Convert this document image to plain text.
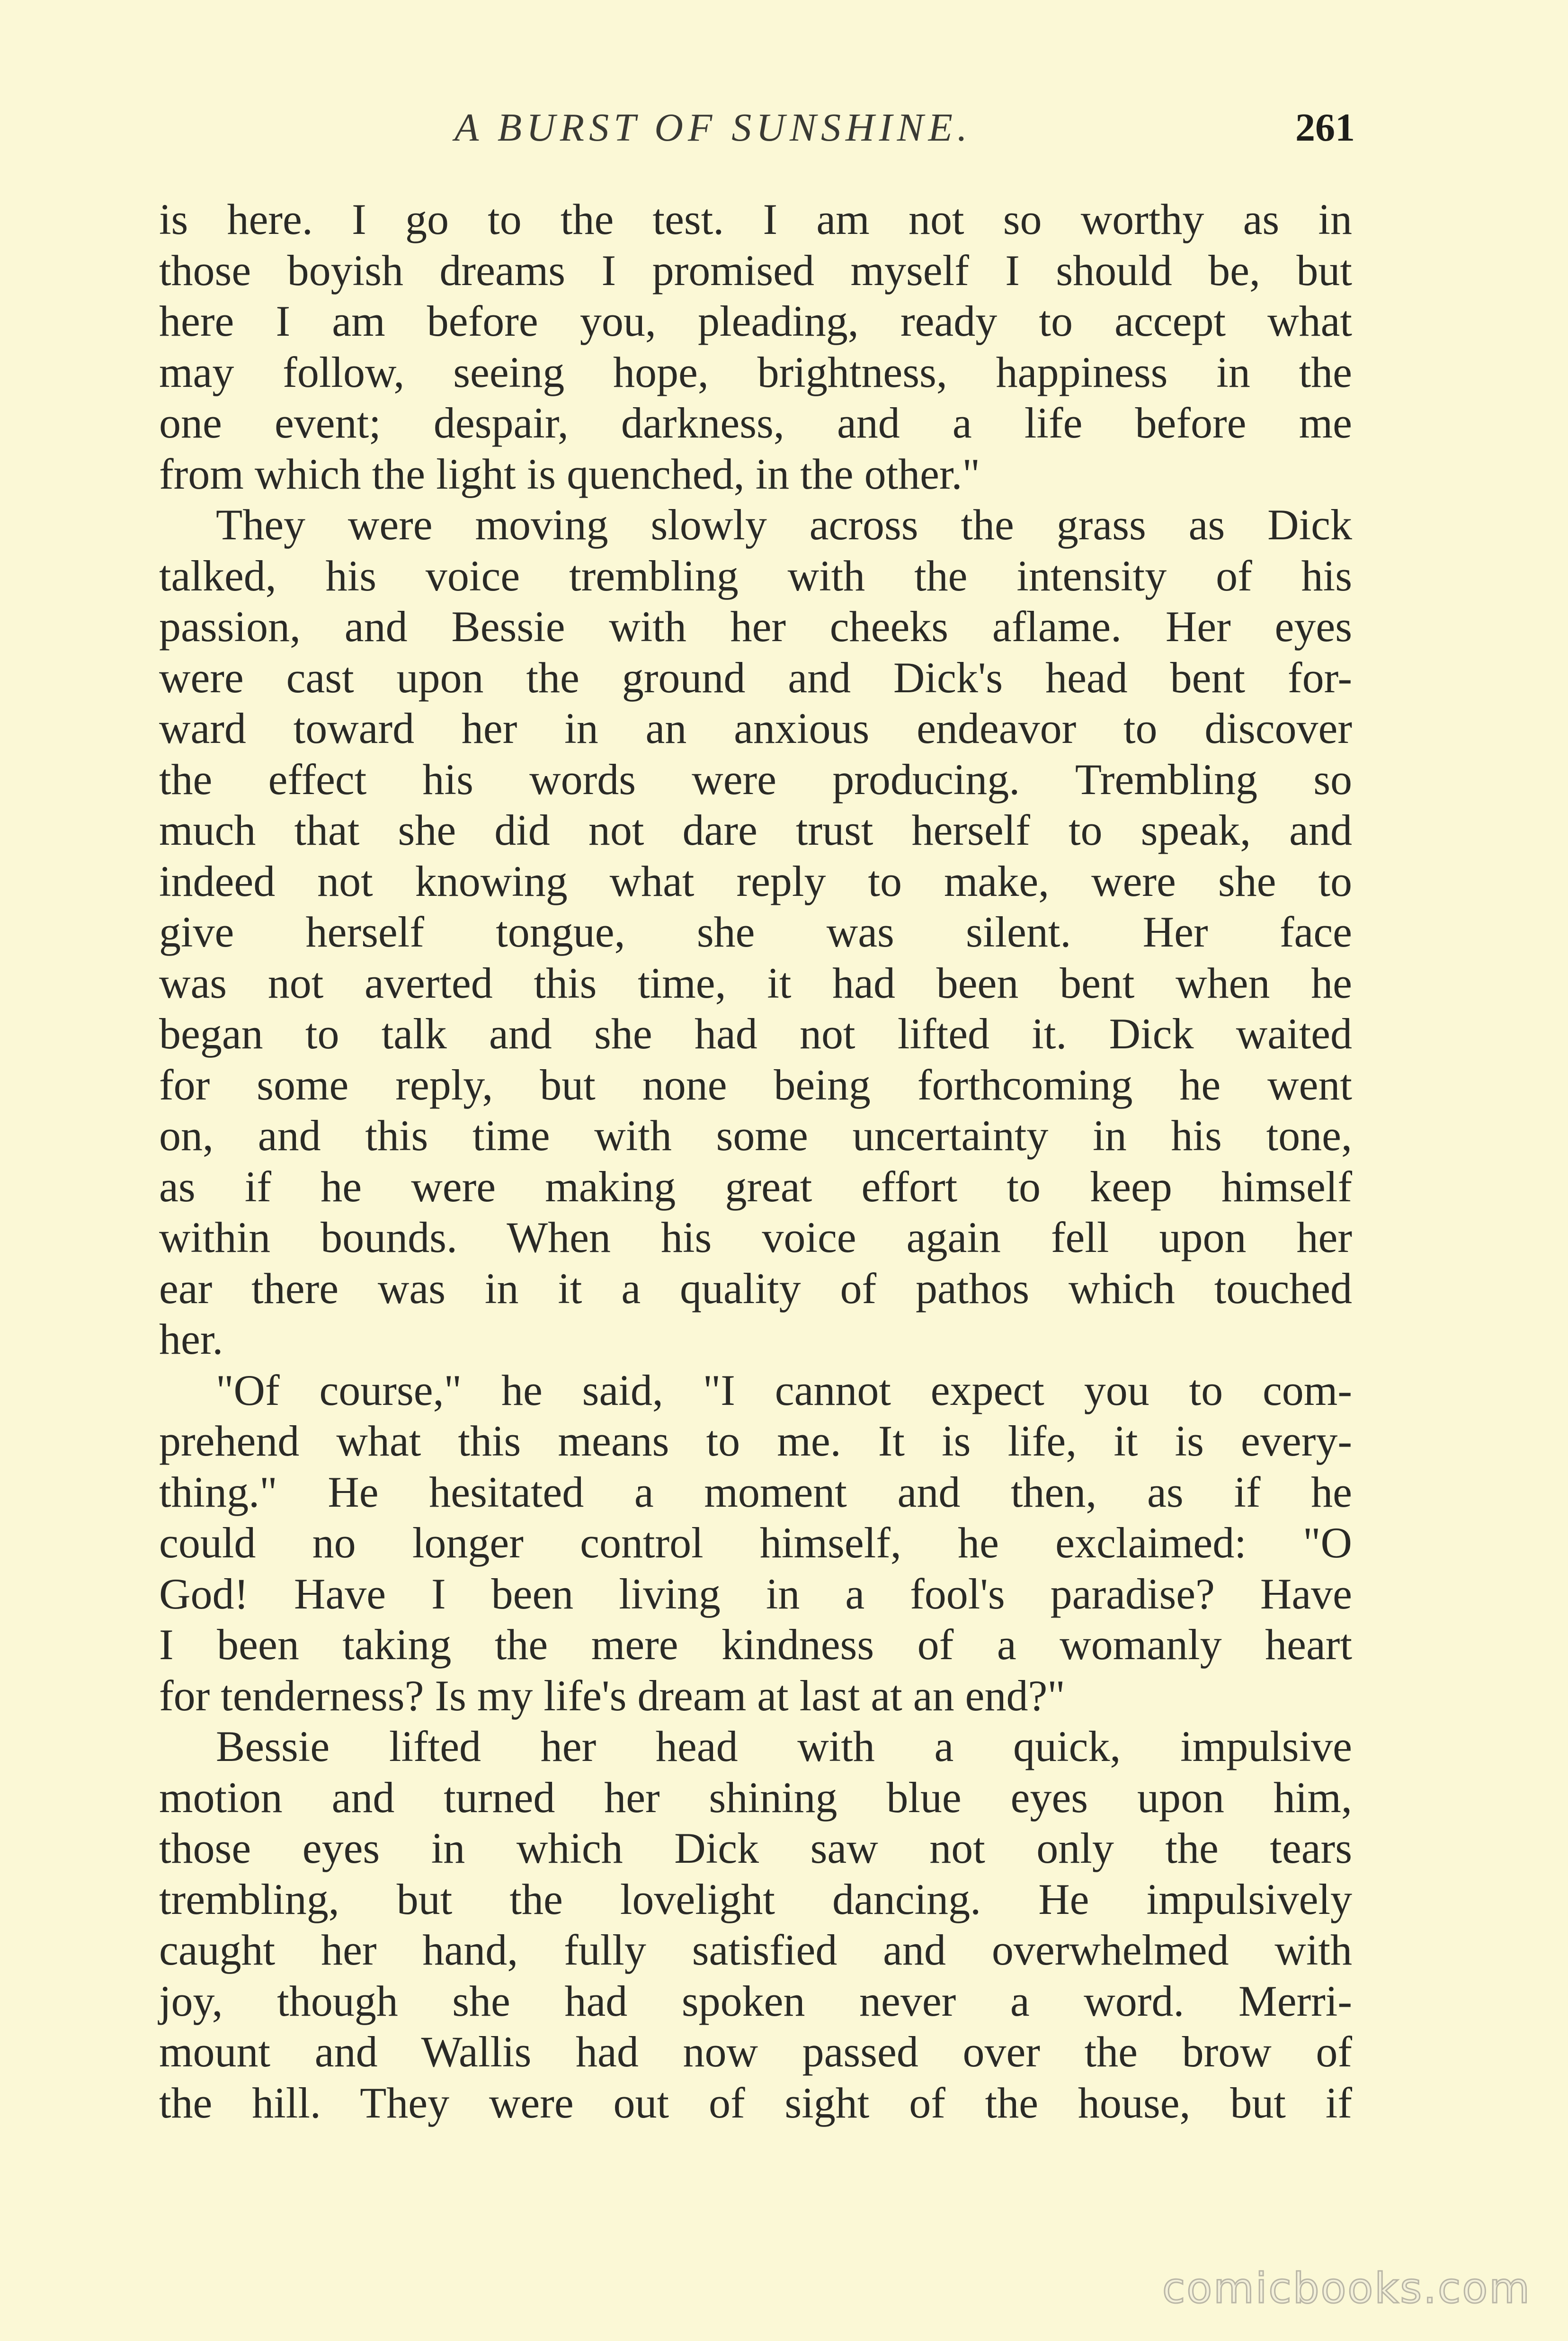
A BURST OF SUNSHINE.	261
is here. I go to the test. I am not so worthy as in
those boyish dreams I promised myself I should be, but
here I am before you, pleading, ready to accept what
may follow, seeing hope, brightness, happiness in the
one event; despair, darkness, and a life before me
from which the light is quenched, in the other."
They were moving slowly across the grass as Dick
talked, his voice trembling with the intensity of his
passion, and Bessie with her cheeks aflame. Her eyes
were cast upon the ground and Dick's head bent for-
ward toward her in an anxious endeavor to discover
the effect his words were producing. Trembling so
much that she did not dare trust herself to speak, and
indeed not knowing what reply to make, were she to
give herself tongue, she was silent. Her face
was not averted this time, it had been bent when he
began to talk and she had not lifted it. Dick waited
for some reply, but none being forthcoming he went
on, and this time with some uncertainty in his tone,
as if he were making great effort to keep himself
within bounds. When his voice again fell upon her
ear there was in it a quality of pathos which touched
her.
"Of course," he said, "I cannot expect you to com-
prehend what this means to me. It is life, it is every-
thing." He hesitated a moment and then, as if he
could no longer control himself, he exclaimed: "O
God! Have I been living in a fool's paradise? Have
I been taking the mere kindness of a womanly heart
for tenderness? Is my life's dream at last at an end?"
Bessie lifted her head with a quick, impulsive
motion and turned her shining blue eyes upon him,
those eyes in which Dick saw not only the tears
trembling, but the lovelight dancing. He impulsively
caught her hand, fully satisfied and overwhelmed with
joy, though she had spoken never a word. Merri-
mount and Wallis had now passed over the brow of
the hill. They were out of sight of the house, but if
comicbooks.com
